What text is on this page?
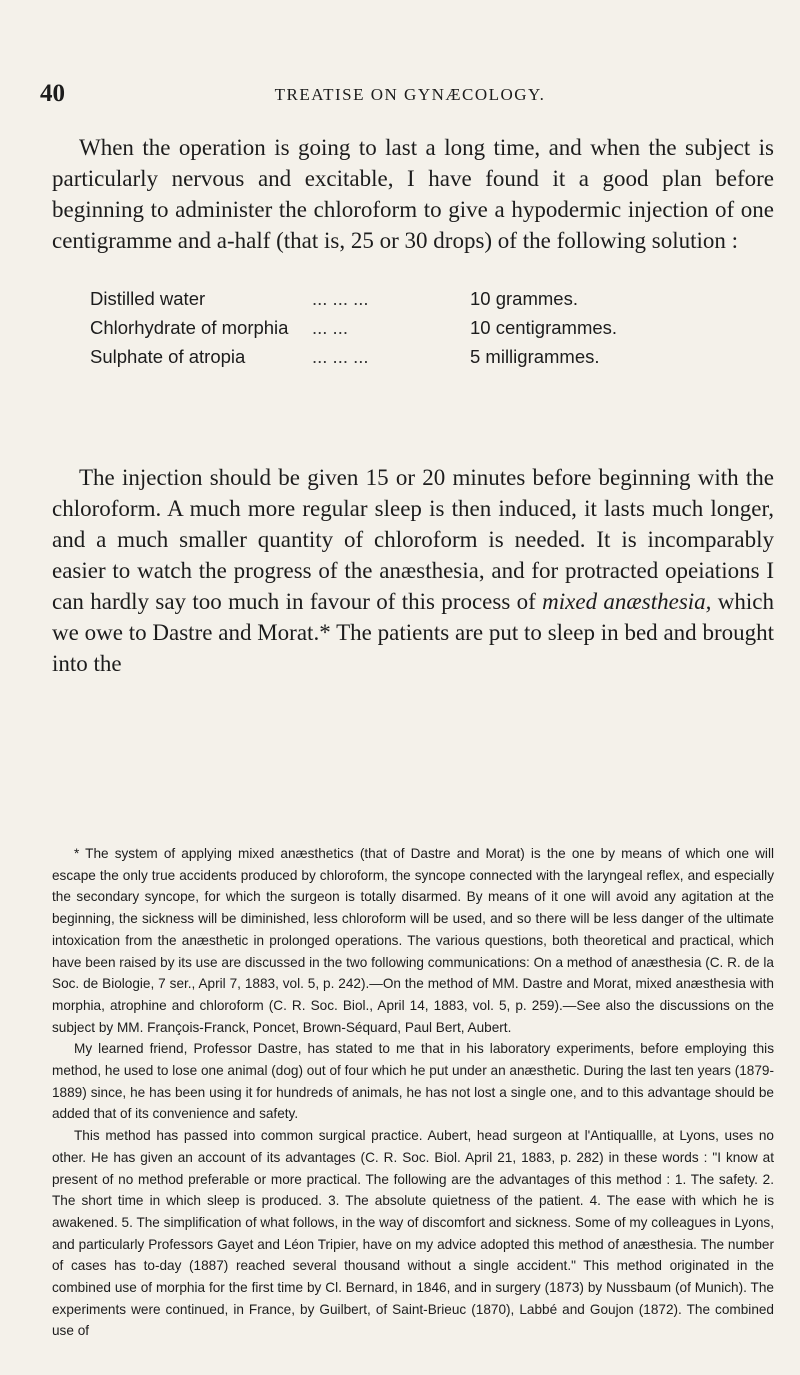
40	TREATISE ON GYNÆCOLOGY.

When the operation is going to last a long time, and when the subject is particularly nervous and excitable, I have found it a good plan before beginning to administer the chloroform to give a hypodermic injection of one centigramme and a-half (that is, 25 or 30 drops) of the following solution :

Distilled water	... ... ...	10 grammes.
Chlorhydrate of morphia	... ...	10 centigrammes.
Sulphate of atropia	... ... ...	5 milligrammes.

The injection should be given 15 or 20 minutes before beginning with the chloroform. A much more regular sleep is then induced, it lasts much longer, and a much smaller quantity of chloroform is needed. It is incomparably easier to watch the progress of the anæsthesia, and for protracted opeiations I can hardly say too much in favour of this process of mixed anæsthesia, which we owe to Dastre and Morat.* The patients are put to sleep in bed and brought into the

* The system of applying mixed anæsthetics (that of Dastre and Morat) is the one by means of which one will escape the only true accidents produced by chloroform, the syncope connected with the laryngeal reflex, and especially the secondary syncope, for which the surgeon is totally disarmed. By means of it one will avoid any agitation at the beginning, the sickness will be diminished, less chloroform will be used, and so there will be less danger of the ultimate intoxication from the anæsthetic in prolonged operations. The various questions, both theoretical and practical, which have been raised by its use are discussed in the two following communications: On a method of anæsthesia (C. R. de la Soc. de Biologie, 7 ser., April 7, 1883, vol. 5, p. 242).—On the method of MM. Dastre and Morat, mixed anæsthesia with morphia, atrophine and chloroform (C. R. Soc. Biol., April 14, 1883, vol. 5, p. 259).—See also the discussions on the subject by MM. François-Franck, Poncet, Brown-Séquard, Paul Bert, Aubert.

My learned friend, Professor Dastre, has stated to me that in his laboratory experiments, before employing this method, he used to lose one animal (dog) out of four which he put under an anæsthetic. During the last ten years (1879-1889) since, he has been using it for hundreds of animals, he has not lost a single one, and to this advantage should be added that of its convenience and safety.

This method has passed into common surgical practice. Aubert, head surgeon at l'Antiquallle, at Lyons, uses no other. He has given an account of its advantages (C. R. Soc. Biol. April 21, 1883, p. 282) in these words : "I know at present of no method preferable or more practical. The following are the advantages of this method : 1. The safety. 2. The short time in which sleep is produced. 3. The absolute quietness of the patient. 4. The ease with which he is awakened. 5. The simplification of what follows, in the way of discomfort and sickness. Some of my colleagues in Lyons, and particularly Professors Gayet and Léon Tripier, have on my advice adopted this method of anæsthesia. The number of cases has to-day (1887) reached several thousand without a single accident." This method originated in the combined use of morphia for the first time by Cl. Bernard, in 1846, and in surgery (1873) by Nussbaum (of Munich). The experiments were continued, in France, by Guilbert, of Saint-Brieuc (1870), Labbé and Goujon (1872). The combined use of
